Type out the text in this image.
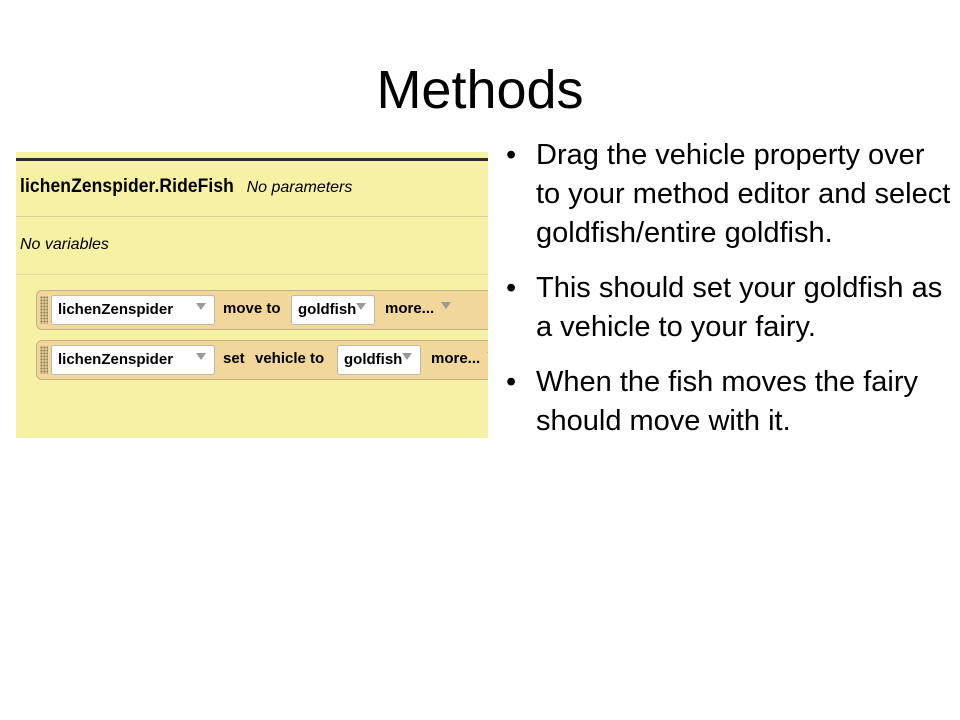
Methods
lichenZenspider.RideFish No parameters
No variables
lichenZenspider	move to	goldfish	more...
lichenZenspider	set vehicle to	goldfish	more...
• Drag the vehicle property over to your method editor and select goldfish/entire goldfish.
• This should set your goldfish as a vehicle to your fairy.
• When the fish moves the fairy should move with it.
